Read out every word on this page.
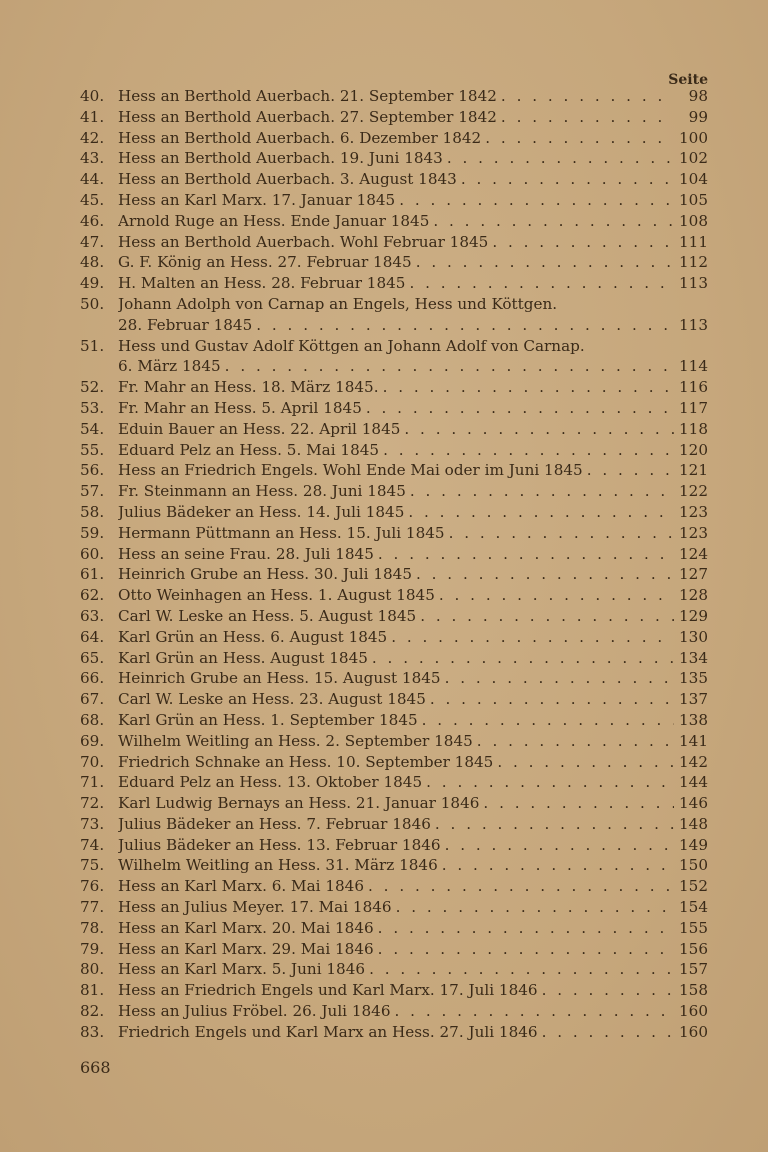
Seite
40. Hess an Berthold Auerbach. 21. September 1842 . . .	98
41. Hess an Berthold Auerbach. 27. September 1842 . . .	99
42. Hess an Berthold Auerbach. 6. Dezember 1842 . . .	100
43. Hess an Berthold Auerbach. 19. Juni 1843 . . .	102
44. Hess an Berthold Auerbach. 3. August 1843 . . .	104
45. Hess an Karl Marx. 17. Januar 1845 . . .	105
46. Arnold Ruge an Hess. Ende Januar 1845 . . .	108
47. Hess an Berthold Auerbach. Wohl Februar 1845 . . .	111
48. G. F. König an Hess. 27. Februar 1845 . . .	112
49. H. Malten an Hess. 28. Februar 1845 . . .	113
50. Johann Adolph von Carnap an Engels, Hess und Köttgen.
28. Februar 1845 . . .	113
51. Hess und Gustav Adolf Köttgen an Johann Adolf von Carnap.
6. März 1845 . . .	114
52. Fr. Mahr an Hess. 18. März 1845. . . .	116
53. Fr. Mahr an Hess. 5. April 1845 . . .	117
54. Eduin Bauer an Hess. 22. April 1845 . . .	118
55. Eduard Pelz an Hess. 5. Mai 1845 . . .	120
56. Hess an Friedrich Engels. Wohl Ende Mai oder im Juni 1845 . . .	121
57. Fr. Steinmann an Hess. 28. Juni 1845 . . .	122
58. Julius Bädeker an Hess. 14. Juli 1845 . . .	123
59. Hermann Püttmann an Hess. 15. Juli 1845 . . .	123
60. Hess an seine Frau. 28. Juli 1845 . . .	124
61. Heinrich Grube an Hess. 30. Juli 1845 . . .	127
62. Otto Weinhagen an Hess. 1. August 1845 . . .	128
63. Carl W. Leske an Hess. 5. August 1845 . . .	129
64. Karl Grün an Hess. 6. August 1845 . . .	130
65. Karl Grün an Hess. August 1845 . . .	134
66. Heinrich Grube an Hess. 15. August 1845 . . .	135
67. Carl W. Leske an Hess. 23. August 1845 . . .	137
68. Karl Grün an Hess. 1. September 1845 . . .	138
69. Wilhelm Weitling an Hess. 2. September 1845 . . .	141
70. Friedrich Schnake an Hess. 10. September 1845 . . .	142
71. Eduard Pelz an Hess. 13. Oktober 1845 . . .	144
72. Karl Ludwig Bernays an Hess. 21. Januar 1846 . . .	146
73. Julius Bädeker an Hess. 7. Februar 1846 . . .	148
74. Julius Bädeker an Hess. 13. Februar 1846 . . .	149
75. Wilhelm Weitling an Hess. 31. März 1846 . . .	150
76. Hess an Karl Marx. 6. Mai 1846 . . .	152
77. Hess an Julius Meyer. 17. Mai 1846 . . .	154
78. Hess an Karl Marx. 20. Mai 1846 . . .	155
79. Hess an Karl Marx. 29. Mai 1846 . . .	156
80. Hess an Karl Marx. 5. Juni 1846 . . .	157
81. Hess an Friedrich Engels und Karl Marx. 17. Juli 1846 . . .	158
82. Hess an Julius Fröbel. 26. Juli 1846 . . .	160
83. Friedrich Engels und Karl Marx an Hess. 27. Juli 1846 . . .	160
668
